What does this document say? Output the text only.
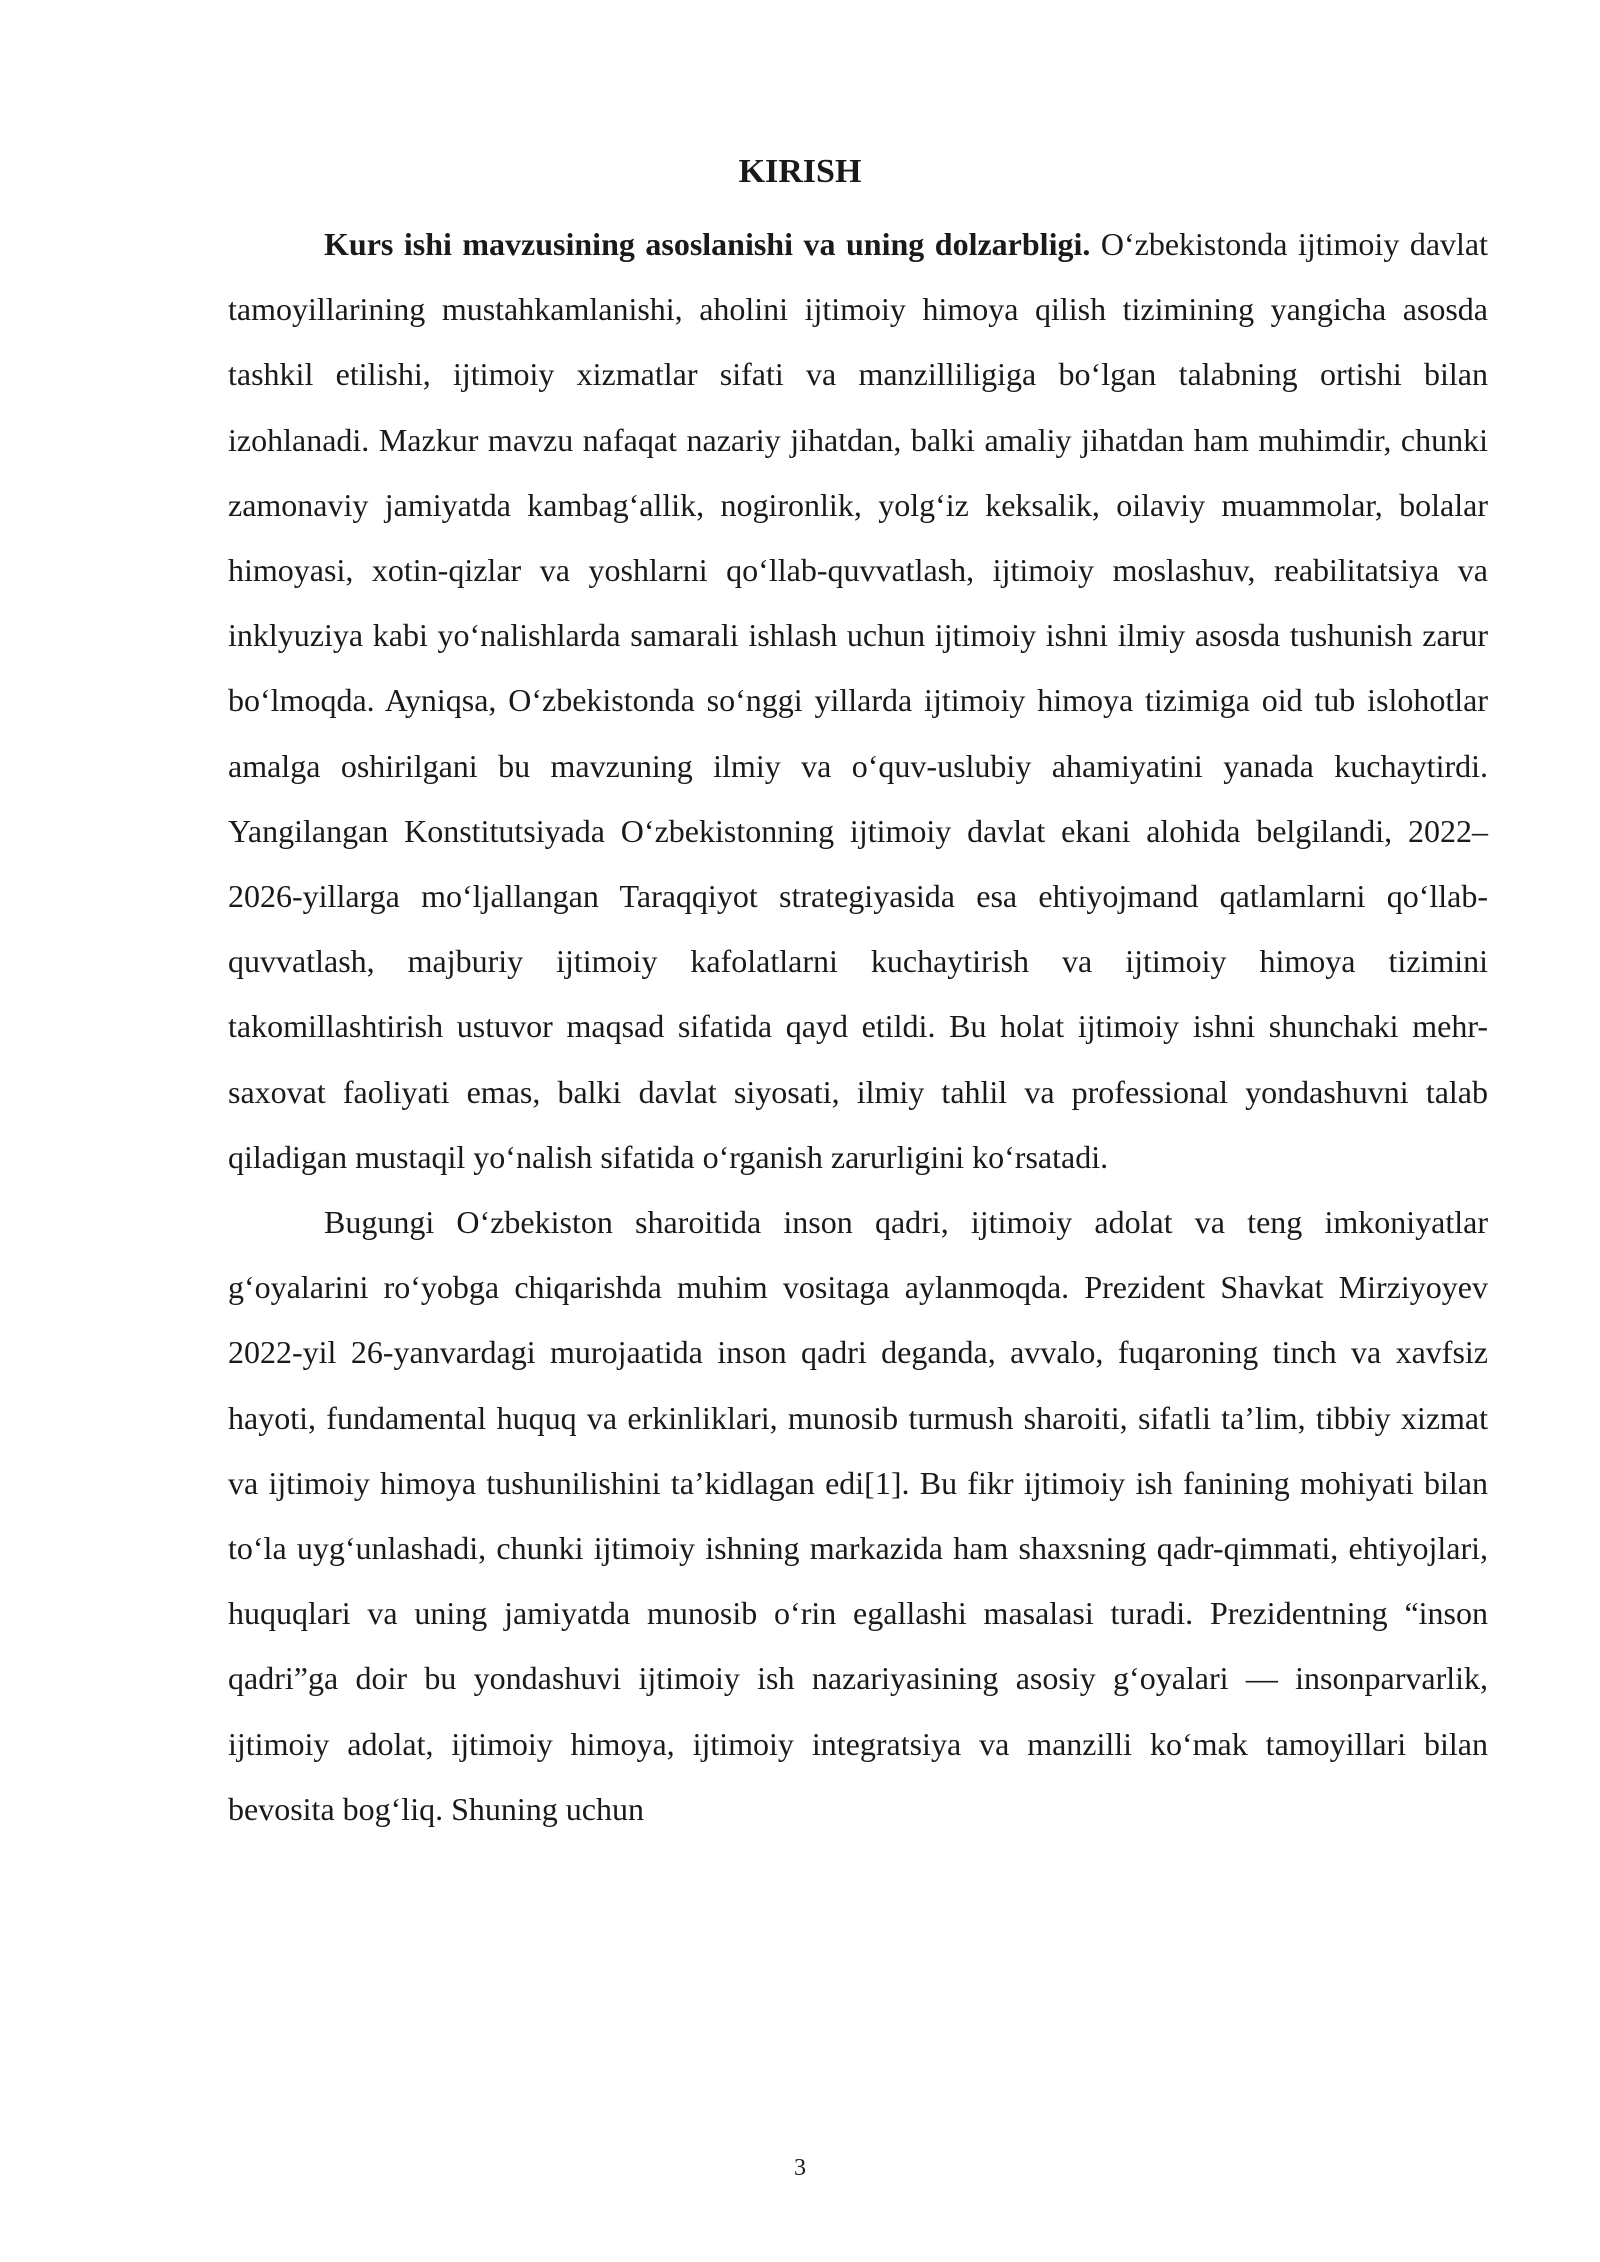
KIRISH

Kurs ishi mavzusining asoslanishi va uning dolzarbligi. O‘zbekistonda ijtimoiy davlat tamoyillarining mustahkamlanishi, aholini ijtimoiy himoya qilish tizimining yangicha asosda tashkil etilishi, ijtimoiy xizmatlar sifati va manzilliligiga bo‘lgan talabning ortishi bilan izohlanadi. Mazkur mavzu nafaqat nazariy jihatdan, balki amaliy jihatdan ham muhimdir, chunki zamonaviy jamiyatda kambag‘allik, nogironlik, yolg‘iz keksalik, oilaviy muammolar, bolalar himoyasi, xotin-qizlar va yoshlarni qo‘llab-quvvatlash, ijtimoiy moslashuv, reabilitatsiya va inklyuziya kabi yo‘nalishlarda samarali ishlash uchun ijtimoiy ishni ilmiy asosda tushunish zarur bo‘lmoqda. Ayniqsa, O‘zbekistonda so‘nggi yillarda ijtimoiy himoya tizimiga oid tub islohotlar amalga oshirilgani bu mavzuning ilmiy va o‘quv-uslubiy ahamiyatini yanada kuchaytirdi. Yangilangan Konstitutsiyada O‘zbekistonning ijtimoiy davlat ekani alohida belgilandi, 2022–2026-yillarga mo‘ljallangan Taraqqiyot strategiyasida esa ehtiyojmand qatlamlarni qo‘llab-quvvatlash, majburiy ijtimoiy kafolatlarni kuchaytirish va ijtimoiy himoya tizimini takomillashtirish ustuvor maqsad sifatida qayd etildi. Bu holat ijtimoiy ishni shunchaki mehr-saxovat faoliyati emas, balki davlat siyosati, ilmiy tahlil va professional yondashuvni talab qiladigan mustaqil yo‘nalish sifatida o‘rganish zarurligini ko‘rsatadi.

Bugungi O‘zbekiston sharoitida inson qadri, ijtimoiy adolat va teng imkoniyatlar g‘oyalarini ro‘yobga chiqarishda muhim vositaga aylanmoqda. Prezident Shavkat Mirziyoyev 2022-yil 26-yanvardagi murojaatida inson qadri deganda, avvalo, fuqaroning tinch va xavfsiz hayoti, fundamental huquq va erkinliklari, munosib turmush sharoiti, sifatli ta’lim, tibbiy xizmat va ijtimoiy himoya tushunilishini ta’kidlagan edi[1]. Bu fikr ijtimoiy ish fanining mohiyati bilan to‘la uyg‘unlashadi, chunki ijtimoiy ishning markazida ham shaxsning qadr-qimmati, ehtiyojlari, huquqlari va uning jamiyatda munosib o‘rin egallashi masalasi turadi. Prezidentning “inson qadri”ga doir bu yondashuvi ijtimoiy ish nazariyasining asosiy g‘oyalari — insonparvarlik, ijtimoiy adolat, ijtimoiy himoya, ijtimoiy integratsiya va manzilli ko‘mak tamoyillari bilan bevosita bog‘liq. Shuning uchun

3
